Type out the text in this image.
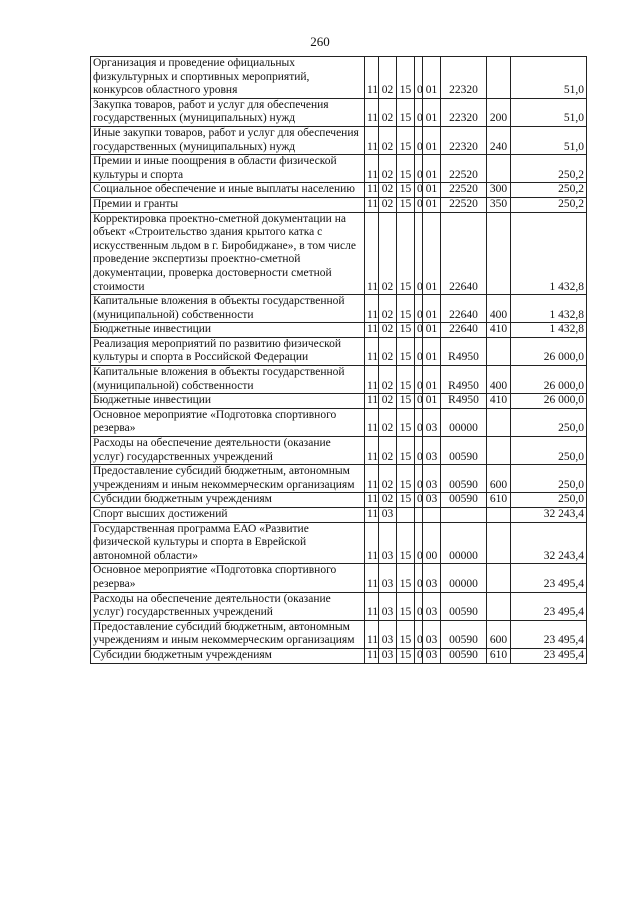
260
Организация и проведение официальных физкультурных и спортивных мероприятий, конкурсов областного уровня	11	02	15	0	01	22320		51,0
Закупка товаров, работ и услуг для обеспечения государственных (муниципальных) нужд	11	02	15	0	01	22320	200	51,0
Иные закупки товаров, работ и услуг для обеспечения государственных (муниципальных) нужд	11	02	15	0	01	22320	240	51,0
Премии и иные поощрения в области физической культуры и спорта	11	02	15	0	01	22520		250,2
Социальное обеспечение и иные выплаты населению	11	02	15	0	01	22520	300	250,2
Премии и гранты	11	02	15	0	01	22520	350	250,2
Корректировка проектно-сметной документации на объект «Строительство здания крытого катка с искусственным льдом в г. Биробиджане», в том числе проведение экспертизы проектно-сметной документации, проверка достоверности сметной стоимости	11	02	15	0	01	22640		1 432,8
Капитальные вложения в объекты государственной (муниципальной) собственности	11	02	15	0	01	22640	400	1 432,8
Бюджетные инвестиции	11	02	15	0	01	22640	410	1 432,8
Реализация мероприятий по развитию физической культуры и спорта в Российской Федерации	11	02	15	0	01	R4950		26 000,0
Капитальные вложения в объекты государственной (муниципальной) собственности	11	02	15	0	01	R4950	400	26 000,0
Бюджетные инвестиции	11	02	15	0	01	R4950	410	26 000,0
Основное мероприятие «Подготовка спортивного резерва»	11	02	15	0	03	00000		250,0
Расходы на обеспечение деятельности (оказание услуг) государственных учреждений	11	02	15	0	03	00590		250,0
Предоставление субсидий бюджетным, автономным учреждениям и иным некоммерческим организациям	11	02	15	0	03	00590	600	250,0
Субсидии бюджетным учреждениям	11	02	15	0	03	00590	610	250,0
Спорт высших достижений	11	03						32 243,4
Государственная программа ЕАО «Развитие физической культуры и спорта в Еврейской автономной области»	11	03	15	0	00	00000		32 243,4
Основное мероприятие «Подготовка спортивного резерва»	11	03	15	0	03	00000		23 495,4
Расходы на обеспечение деятельности (оказание услуг) государственных учреждений	11	03	15	0	03	00590		23 495,4
Предоставление субсидий бюджетным, автономным учреждениям и иным некоммерческим организациям	11	03	15	0	03	00590	600	23 495,4
Субсидии бюджетным учреждениям	11	03	15	0	03	00590	610	23 495,4
